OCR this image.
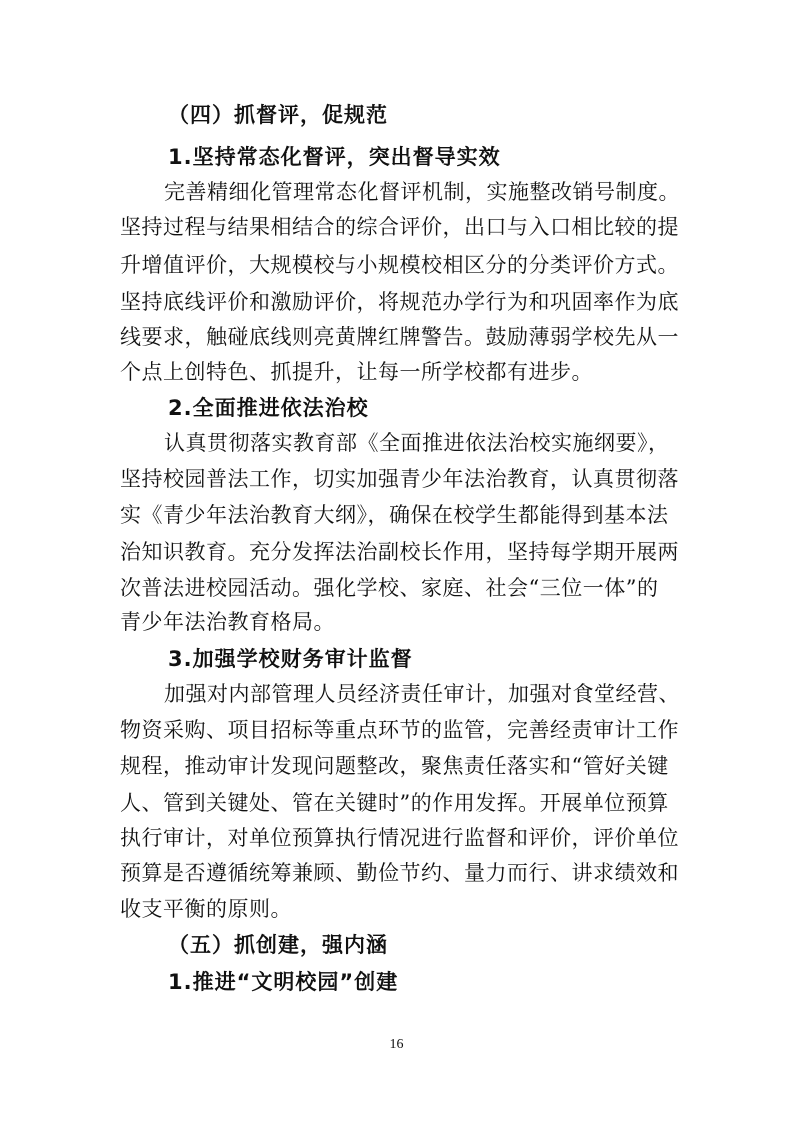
（四）抓督评，促规范
1.坚持常态化督评，突出督导实效
完善精细化管理常态化督评机制，实施整改销号制度。
坚持过程与结果相结合的综合评价，出口与入口相比较的提
升增值评价，大规模校与小规模校相区分的分类评价方式。
坚持底线评价和激励评价，将规范办学行为和巩固率作为底
线要求，触碰底线则亮黄牌红牌警告。鼓励薄弱学校先从一
个点上创特色、抓提升，让每一所学校都有进步。
2.全面推进依法治校
认真贯彻落实教育部《全面推进依法治校实施纲要》，
坚持校园普法工作，切实加强青少年法治教育，认真贯彻落
实《青少年法治教育大纲》，确保在校学生都能得到基本法
治知识教育。充分发挥法治副校长作用，坚持每学期开展两
次普法进校园活动。强化学校、家庭、社会“三位一体”的
青少年法治教育格局。
3.加强学校财务审计监督
加强对内部管理人员经济责任审计，加强对食堂经营、
物资采购、项目招标等重点环节的监管，完善经责审计工作
规程，推动审计发现问题整改，聚焦责任落实和“管好关键
人、管到关键处、管在关键时”的作用发挥。开展单位预算
执行审计，对单位预算执行情况进行监督和评价，评价单位
预算是否遵循统筹兼顾、勤俭节约、量力而行、讲求绩效和
收支平衡的原则。
（五）抓创建，强内涵
1.推进“文明校园”创建
16
